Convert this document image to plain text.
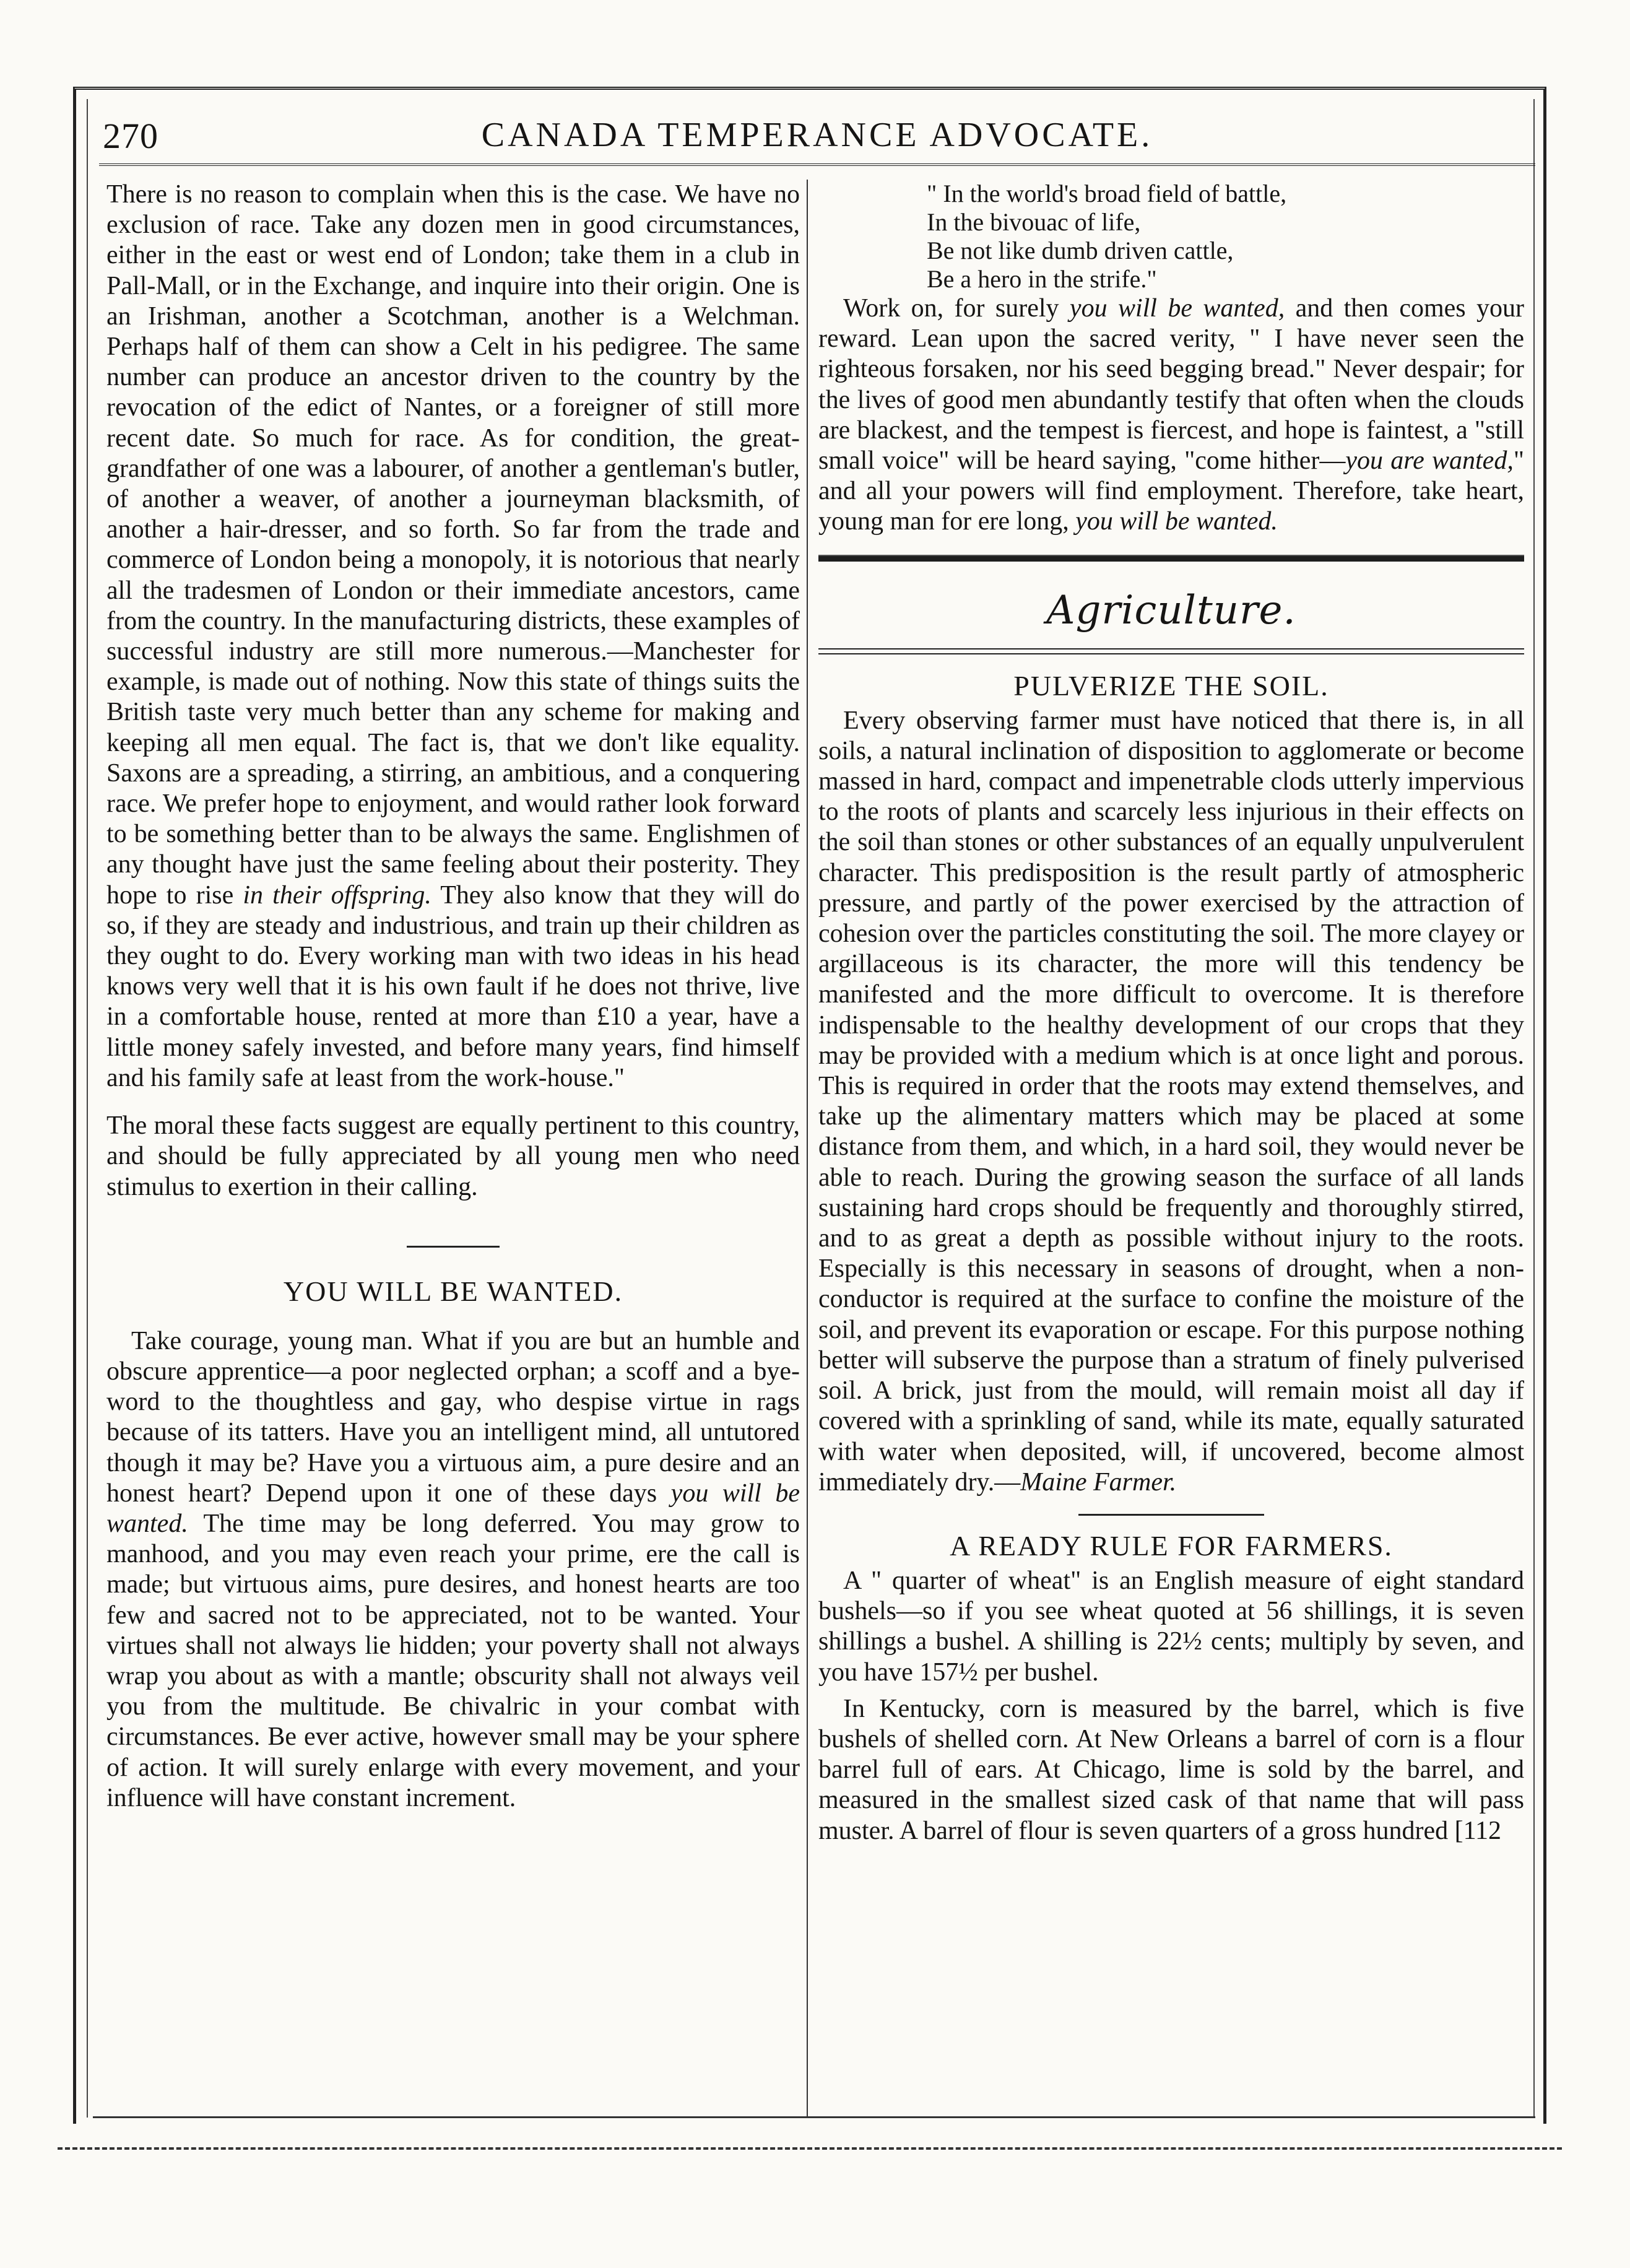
270	CANADA TEMPERANCE ADVOCATE.

There is no reason to complain when this is the case. We have no exclusion of race. Take any dozen men in good circumstances, either in the east or west end of London; take them in a club in Pall-Mall, or in the Exchange, and inquire into their origin. One is an Irishman, another a Scotchman, another is a Welchman. Perhaps half of them can show a Celt in his pedigree. The same number can produce an ancestor driven to the country by the revocation of the edict of Nantes, or a foreigner of still more recent date. So much for race. As for condition, the great-grandfather of one was a labourer, of another a gentleman's butler, of another a weaver, of another a journeyman blacksmith, of another a hair-dresser, and so forth. So far from the trade and commerce of London being a monopoly, it is notorious that nearly all the tradesmen of London or their immediate ancestors, came from the country. In the manufacturing districts, these examples of successful industry are still more numerous.—Manchester for example, is made out of nothing. Now this state of things suits the British taste very much better than any scheme for making and keeping all men equal. The fact is, that we don't like equality. Saxons are a spreading, a stirring, an ambitious, and a conquering race. We prefer hope to enjoyment, and would rather look forward to be something better than to be always the same. Englishmen of any thought have just the same feeling about their posterity. They hope to rise in their offspring. They also know that they will do so, if they are steady and industrious, and train up their children as they ought to do. Every working man with two ideas in his head knows very well that it is his own fault if he does not thrive, live in a comfortable house, rented at more than £10 a year, have a little money safely invested, and before many years, find himself and his family safe at least from the work-house."

The moral these facts suggest are equally pertinent to this country, and should be fully appreciated by all young men who need stimulus to exertion in their calling.

YOU WILL BE WANTED.

Take courage, young man. What if you are but an humble and obscure apprentice—a poor neglected orphan; a scoff and a bye-word to the thoughtless and gay, who despise virtue in rags because of its tatters. Have you an intelligent mind, all untutored though it may be? Have you a virtuous aim, a pure desire and an honest heart? Depend upon it one of these days you will be wanted. The time may be long deferred. You may grow to manhood, and you may even reach your prime, ere the call is made; but virtuous aims, pure desires, and honest hearts are too few and sacred not to be appreciated, not to be wanted. Your virtues shall not always lie hidden; your poverty shall not always wrap you about as with a mantle; obscurity shall not always veil you from the multitude. Be chivalric in your combat with circumstances. Be ever active, however small may be your sphere of action. It will surely enlarge with every movement, and your influence will have constant increment.

" In the world's broad field of battle,
In the bivouac of life,
Be not like dumb driven cattle,
Be a hero in the strife."

Work on, for surely you will be wanted, and then comes your reward. Lean upon the sacred verity, " I have never seen the righteous forsaken, nor his seed begging bread." Never despair; for the lives of good men abundantly testify that often when the clouds are blackest, and the tempest is fiercest, and hope is faintest, a "still small voice" will be heard saying, "come hither—you are wanted," and all your powers will find employment. Therefore, take heart, young man for ere long, you will be wanted.

Agriculture.
PULVERIZE THE SOIL.

Every observing farmer must have noticed that there is, in all soils, a natural inclination of disposition to agglomerate or become massed in hard, compact and impenetrable clods utterly impervious to the roots of plants and scarcely less injurious in their effects on the soil than stones or other substances of an equally unpulverulent character. This predisposition is the result partly of atmospheric pressure, and partly of the power exercised by the attraction of cohesion over the particles constituting the soil. The more clayey or argillaceous is its character, the more will this tendency be manifested and the more difficult to overcome. It is therefore indispensable to the healthy development of our crops that they may be provided with a medium which is at once light and porous. This is required in order that the roots may extend themselves, and take up the alimentary matters which may be placed at some distance from them, and which, in a hard soil, they would never be able to reach. During the growing season the surface of all lands sustaining hard crops should be frequently and thoroughly stirred, and to as great a depth as possible without injury to the roots. Especially is this necessary in seasons of drought, when a non-conductor is required at the surface to confine the moisture of the soil, and prevent its evaporation or escape. For this purpose nothing better will subserve the purpose than a stratum of finely pulverised soil. A brick, just from the mould, will remain moist all day if covered with a sprinkling of sand, while its mate, equally saturated with water when deposited, will, if uncovered, become almost immediately dry.—Maine Farmer.

A READY RULE FOR FARMERS.

A " quarter of wheat" is an English measure of eight standard bushels—so if you see wheat quoted at 56 shillings, it is seven shillings a bushel. A shilling is 22½ cents; multiply by seven, and you have 157½ per bushel.

In Kentucky, corn is measured by the barrel, which is five bushels of shelled corn. At New Orleans a barrel of corn is a flour barrel full of ears. At Chicago, lime is sold by the barrel, and measured in the smallest sized cask of that name that will pass muster. A barrel of flour is seven quarters of a gross hundred [112
